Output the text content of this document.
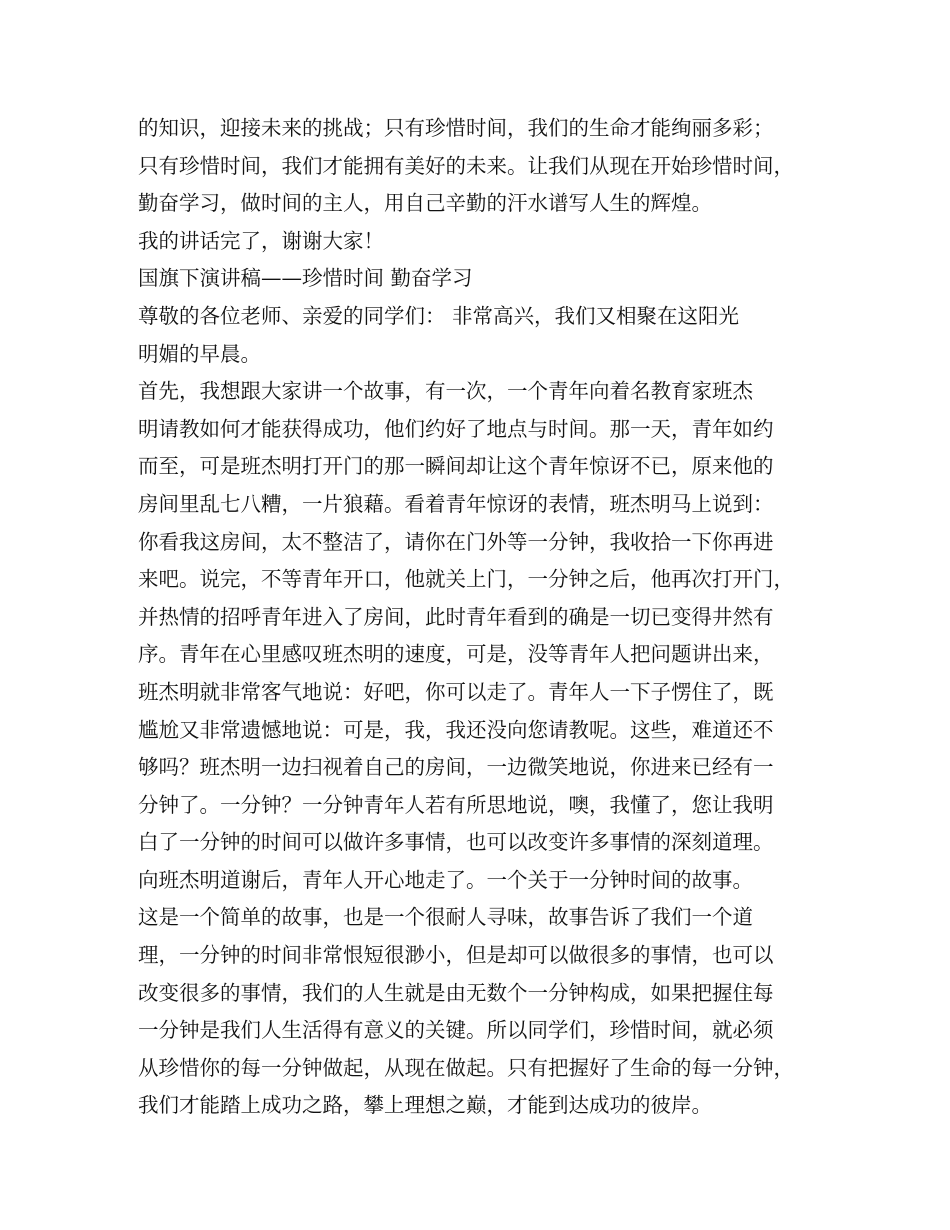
的知识，迎接未来的挑战；只有珍惜时间，我们的生命才能绚丽多彩；
只有珍惜时间，我们才能拥有美好的未来。让我们从现在开始珍惜时间，
勤奋学习，做时间的主人，用自己辛勤的汗水谱写人生的辉煌。
我的讲话完了，谢谢大家！
国旗下演讲稿——珍惜时间 勤奋学习
尊敬的各位老师、亲爱的同学们： 非常高兴，我们又相聚在这阳光
明媚的早晨。
首先，我想跟大家讲一个故事，有一次，一个青年向着名教育家班杰
明请教如何才能获得成功，他们约好了地点与时间。那一天，青年如约
而至，可是班杰明打开门的那一瞬间却让这个青年惊讶不已，原来他的
房间里乱七八糟，一片狼藉。看着青年惊讶的表情，班杰明马上说到：
你看我这房间，太不整洁了，请你在门外等一分钟，我收拾一下你再进
来吧。说完，不等青年开口，他就关上门，一分钟之后，他再次打开门，
并热情的招呼青年进入了房间，此时青年看到的确是一切已变得井然有
序。青年在心里感叹班杰明的速度，可是，没等青年人把问题讲出来，
班杰明就非常客气地说：好吧，你可以走了。青年人一下子愣住了，既
尴尬又非常遗憾地说：可是，我，我还没向您请教呢。这些，难道还不
够吗？班杰明一边扫视着自己的房间，一边微笑地说，你进来已经有一
分钟了。一分钟？一分钟青年人若有所思地说，噢，我懂了，您让我明
白了一分钟的时间可以做许多事情，也可以改变许多事情的深刻道理。
向班杰明道谢后，青年人开心地走了。一个关于一分钟时间的故事。
这是一个简单的故事，也是一个很耐人寻味，故事告诉了我们一个道
理，一分钟的时间非常恨短很渺小，但是却可以做很多的事情，也可以
改变很多的事情，我们的人生就是由无数个一分钟构成，如果把握住每
一分钟是我们人生活得有意义的关键。所以同学们，珍惜时间，就必须
从珍惜你的每一分钟做起，从现在做起。只有把握好了生命的每一分钟，
我们才能踏上成功之路，攀上理想之巅，才能到达成功的彼岸。
